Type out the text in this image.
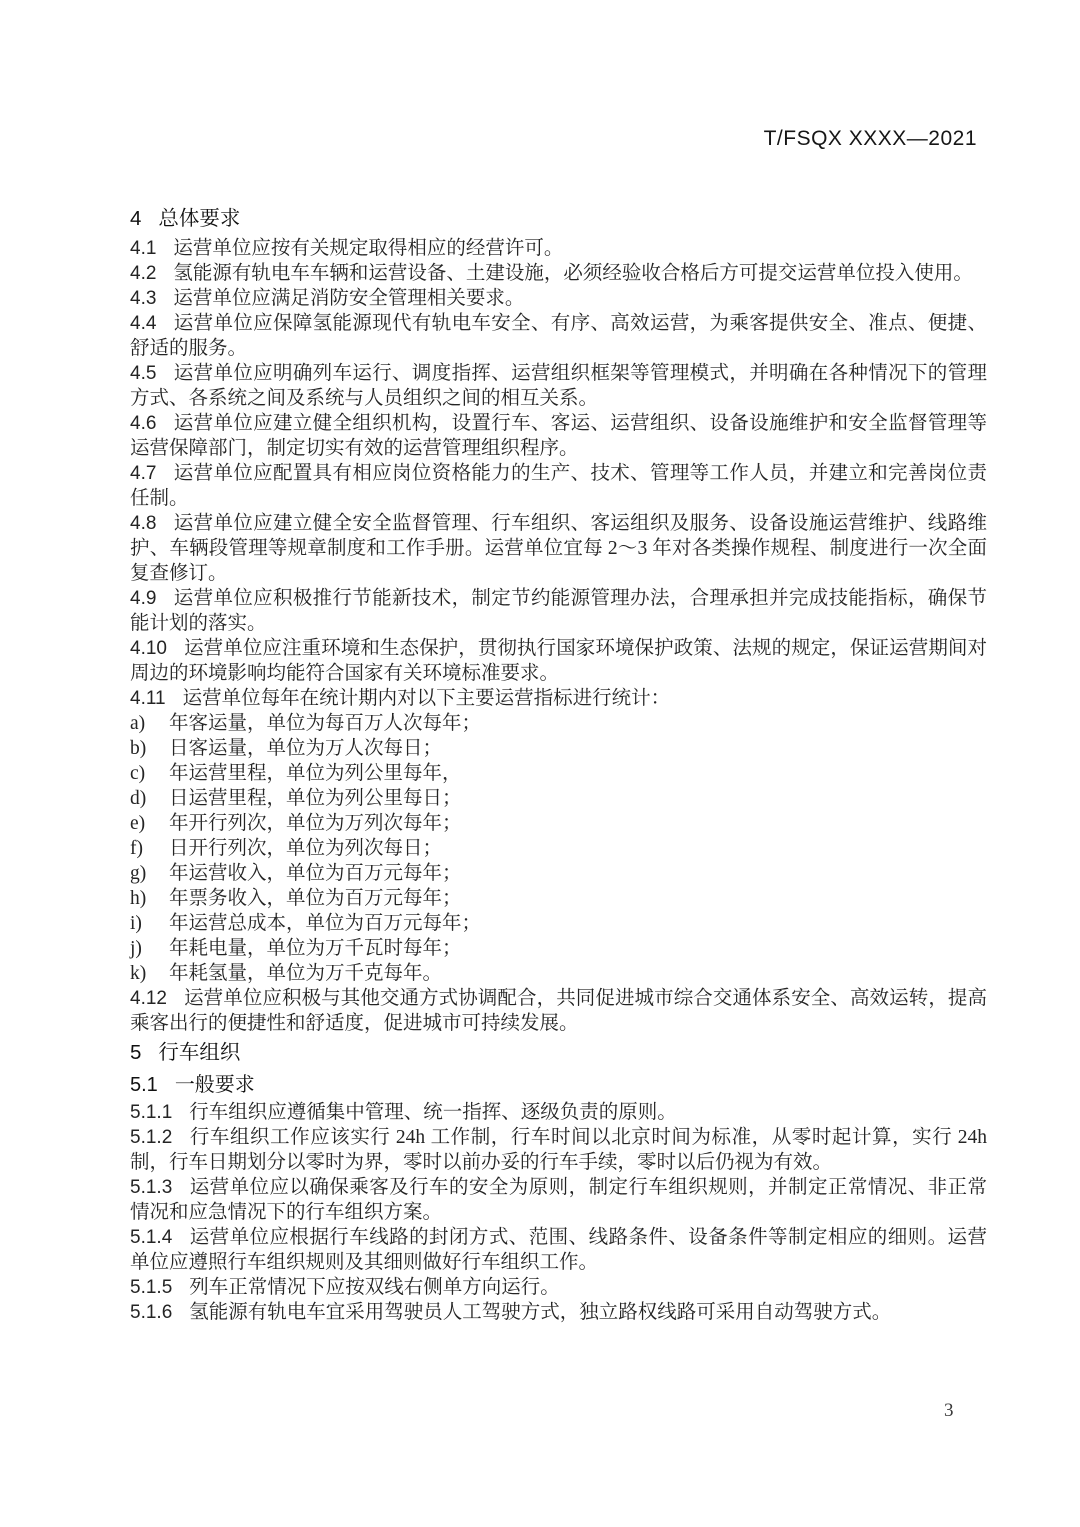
T/FSQX XXXX—2021
4 总体要求

4.1 运营单位应按有关规定取得相应的经营许可。

4.2 氢能源有轨电车车辆和运营设备、土建设施，必须经验收合格后方可提交运营单位投入使用。

4.3 运营单位应满足消防安全管理相关要求。

4.4 运营单位应保障氢能源现代有轨电车安全、有序、高效运营，为乘客提供安全、准点、便捷、舒适的服务。

4.5 运营单位应明确列车运行、调度指挥、运营组织框架等管理模式，并明确在各种情况下的管理方式、各系统之间及系统与人员组织之间的相互关系。

4.6 运营单位应建立健全组织机构，设置行车、客运、运营组织、设备设施维护和安全监督管理等运营保障部门，制定切实有效的运营管理组织程序。

4.7 运营单位应配置具有相应岗位资格能力的生产、技术、管理等工作人员，并建立和完善岗位责任制。

4.8 运营单位应建立健全安全监督管理、行车组织、客运组织及服务、设备设施运营维护、线路维护、车辆段管理等规章制度和工作手册。运营单位宜每 2～3 年对各类操作规程、制度进行一次全面复查修订。

4.9 运营单位应积极推行节能新技术，制定节约能源管理办法，合理承担并完成技能指标，确保节能计划的落实。

4.10 运营单位应注重环境和生态保护，贯彻执行国家环境保护政策、法规的规定，保证运营期间对周边的环境影响均能符合国家有关环境标准要求。

4.11 运营单位每年在统计期内对以下主要运营指标进行统计：

a) 年客运量，单位为每百万人次每年；

b) 日客运量，单位为万人次每日；

c) 年运营里程，单位为列公里每年，

d) 日运营里程，单位为列公里每日；

e) 年开行列次，单位为万列次每年；

f) 日开行列次，单位为列次每日；

g) 年运营收入，单位为百万元每年；

h) 年票务收入，单位为百万元每年；

i) 年运营总成本，单位为百万元每年；

j) 年耗电量，单位为万千瓦时每年；

k) 年耗氢量，单位为万千克每年。

4.12 运营单位应积极与其他交通方式协调配合，共同促进城市综合交通体系安全、高效运转，提高乘客出行的便捷性和舒适度，促进城市可持续发展。

5 行车组织
5.1 一般要求

5.1.1 行车组织应遵循集中管理、统一指挥、逐级负责的原则。

5.1.2 行车组织工作应该实行 24h 工作制，行车时间以北京时间为标准，从零时起计算，实行 24h 制，行车日期划分以零时为界，零时以前办妥的行车手续，零时以后仍视为有效。

5.1.3 运营单位应以确保乘客及行车的安全为原则，制定行车组织规则，并制定正常情况、非正常情况和应急情况下的行车组织方案。

5.1.4 运营单位应根据行车线路的封闭方式、范围、线路条件、设备条件等制定相应的细则。运营单位应遵照行车组织规则及其细则做好行车组织工作。

5.1.5 列车正常情况下应按双线右侧单方向运行。

5.1.6 氢能源有轨电车宜采用驾驶员人工驾驶方式，独立路权线路可采用自动驾驶方式。

3
